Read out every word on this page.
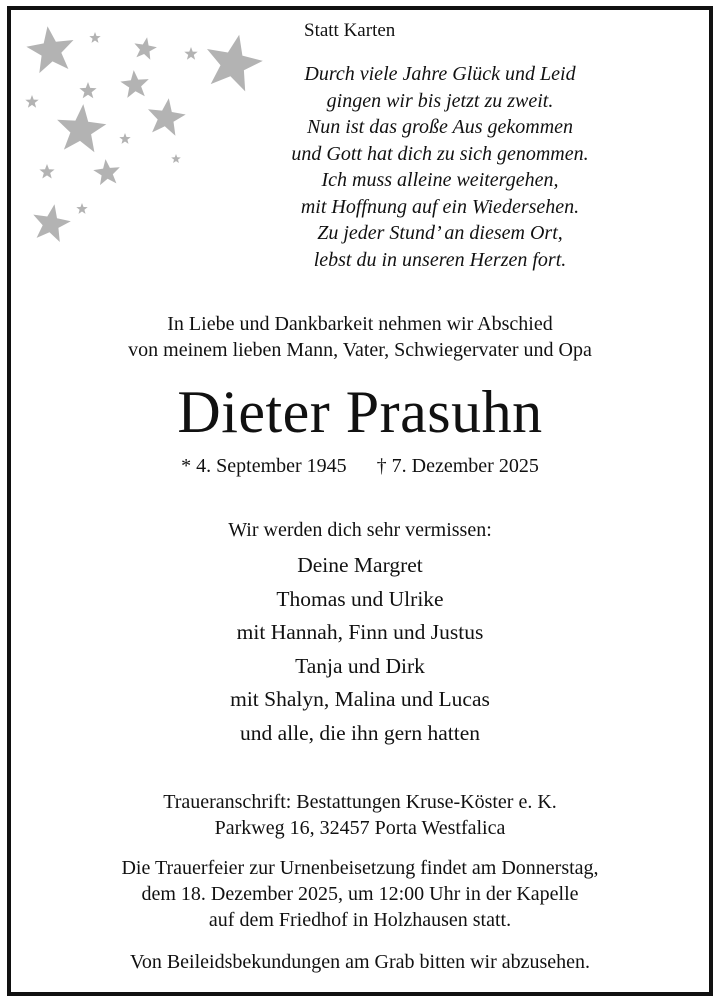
Statt Karten
Durch viele Jahre Glück und Leid
gingen wir bis jetzt zu zweit.
Nun ist das große Aus gekommen
und Gott hat dich zu sich genommen.
Ich muss alleine weitergehen,
mit Hoffnung auf ein Wiedersehen.
Zu jeder Stund’ an diesem Ort,
lebst du in unseren Herzen fort.
In Liebe und Dankbarkeit nehmen wir Abschied
von meinem lieben Mann, Vater, Schwiegervater und Opa
Dieter Prasuhn
* 4. September 1945 † 7. Dezember 2025
Wir werden dich sehr vermissen:
Deine Margret
Thomas und Ulrike
mit Hannah, Finn und Justus
Tanja und Dirk
mit Shalyn, Malina und Lucas
und alle, die ihn gern hatten
Traueranschrift: Bestattungen Kruse-Köster e. K.
Parkweg 16, 32457 Porta Westfalica
Die Trauerfeier zur Urnenbeisetzung findet am Donnerstag,
dem 18. Dezember 2025, um 12:00 Uhr in der Kapelle
auf dem Friedhof in Holzhausen statt.
Von Beileidsbekundungen am Grab bitten wir abzusehen.
